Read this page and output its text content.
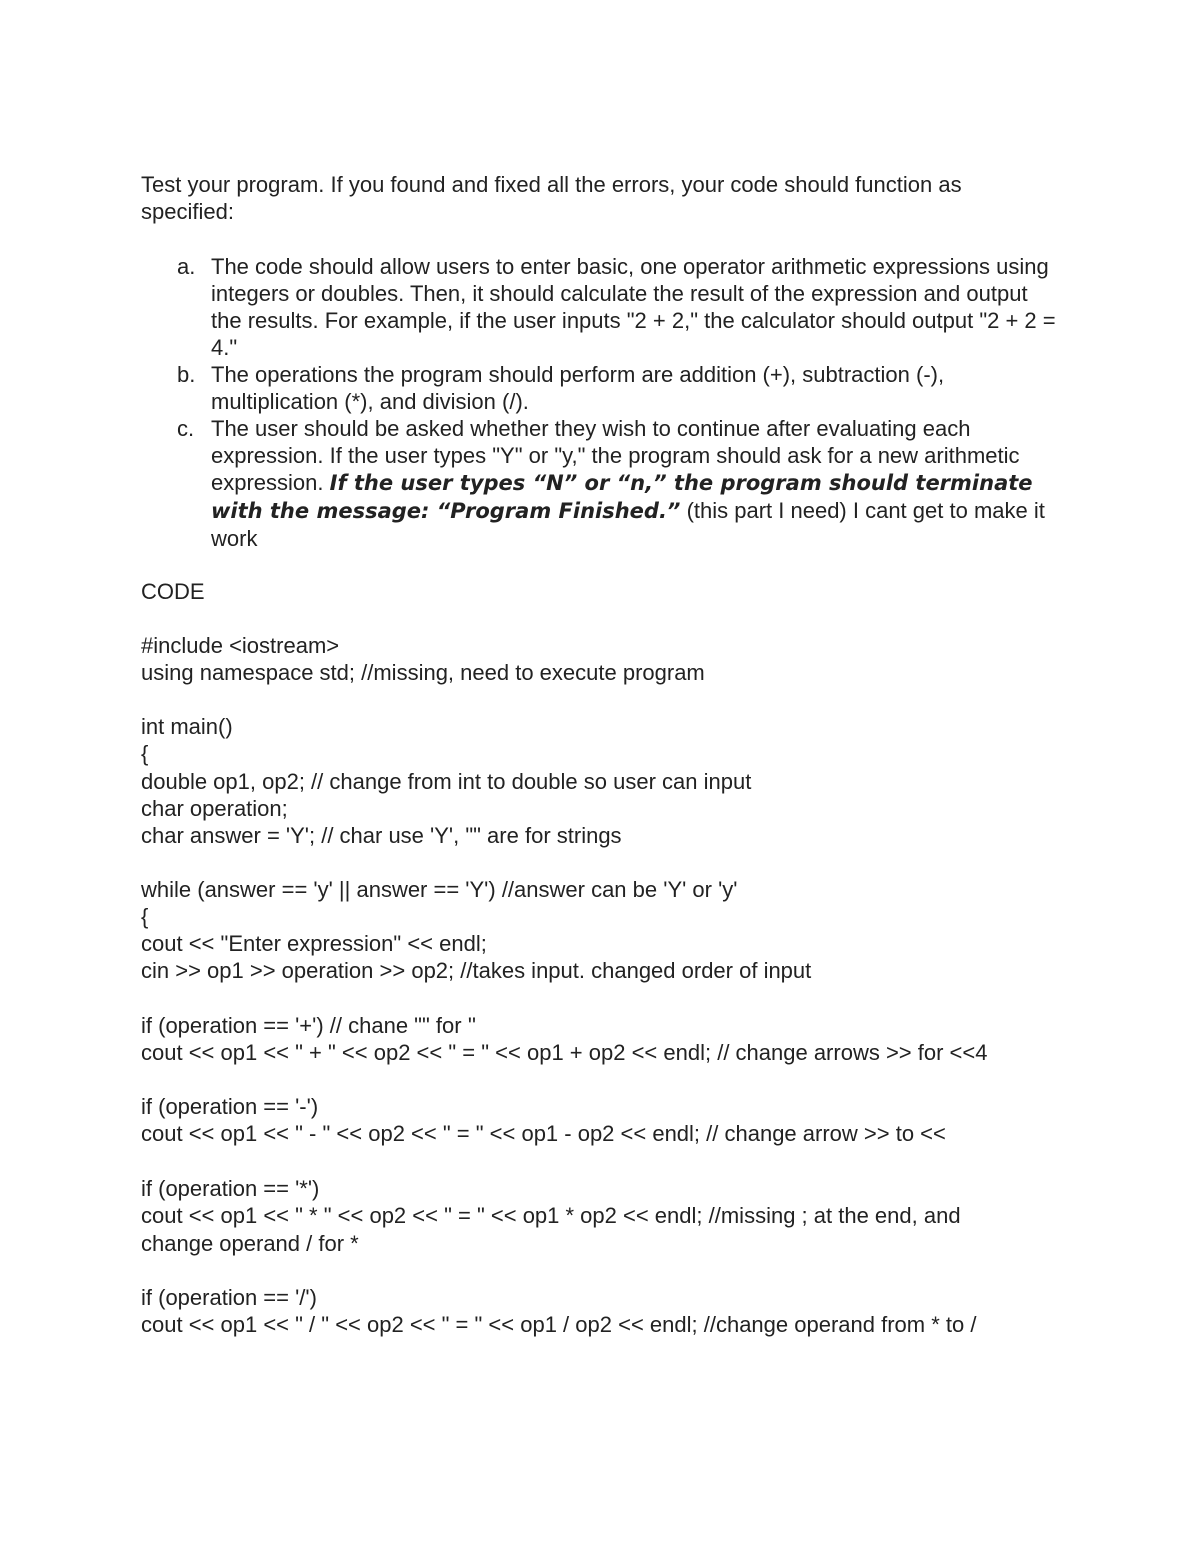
Test your program. If you found and fixed all the errors, your code should function as
specified:
a. The code should allow users to enter basic, one operator arithmetic expressions using integers or doubles. Then, it should calculate the result of the expression and output the results. For example, if the user inputs "2 + 2," the calculator should output "2 + 2 = 4."
b. The operations the program should perform are addition (+), subtraction (-), multiplication (*), and division (/).
c. The user should be asked whether they wish to continue after evaluating each expression. If the user types "Y" or "y," the program should ask for a new arithmetic expression. If the user types “N” or “n,” the program should terminate with the message: “Program Finished.” (this part I need) I cant get to make it work
CODE
#include <iostream>
using namespace std; //missing, need to execute program
int main()
{
double op1, op2; // change from int to double so user can input
char operation;
char answer = 'Y'; // char use 'Y', "" are for strings
while (answer == 'y' || answer == 'Y') //answer can be 'Y' or 'y'
{
cout << "Enter expression" << endl;
cin >> op1 >> operation >> op2; //takes input. changed order of input
if (operation == '+') // chane "" for ''
cout << op1 << " + " << op2 << " = " << op1 + op2 << endl; // change arrows >> for <<4
if (operation == '-')
cout << op1 << " - " << op2 << " = " << op1 - op2 << endl; // change arrow >> to <<
if (operation == '*')
cout << op1 << " * " << op2 << " = " << op1 * op2 << endl; //missing ; at the end, and
change operand / for *
if (operation == '/')
cout << op1 << " / " << op2 << " = " << op1 / op2 << endl; //change operand from * to /
